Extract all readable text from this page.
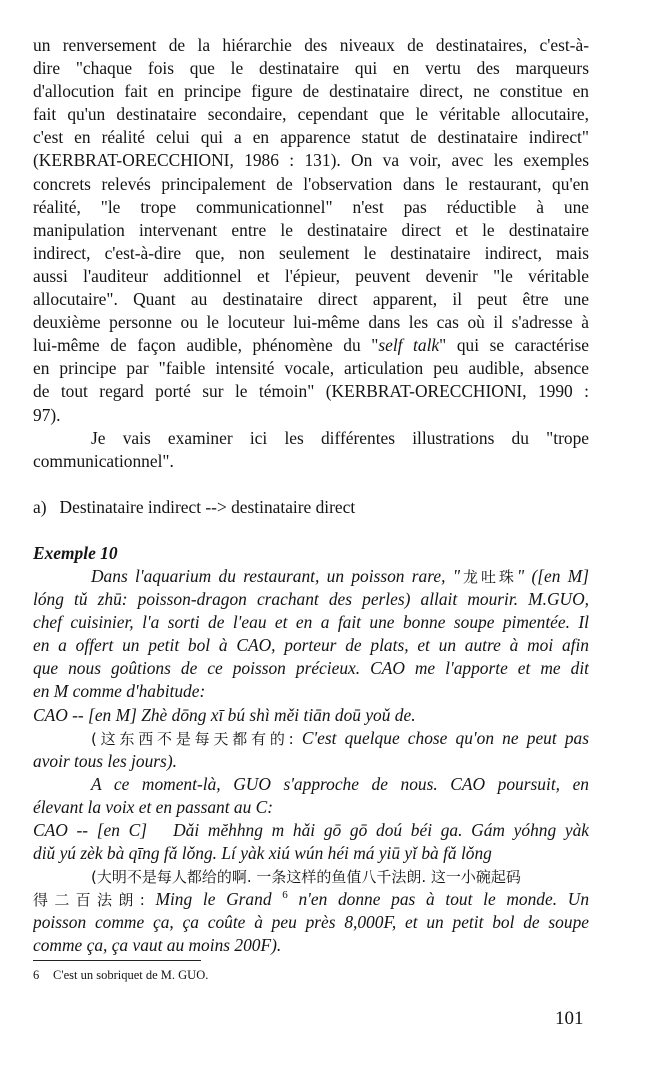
un renversement de la hiérarchie des niveaux de destinataires, c'est-à-
dire "chaque fois que le destinataire qui en vertu des marqueurs
d'allocution fait en principe figure de destinataire direct, ne constitue en
fait qu'un destinataire secondaire, cependant que le véritable allocutaire,
c'est en réalité celui qui a en apparence statut de destinataire indirect"
(KERBRAT-ORECCHIONI, 1986 : 131). On va voir, avec les exemples
concrets relevés principalement de l'observation dans le restaurant, qu'en
réalité, "le trope communicationnel" n'est pas réductible à une
manipulation intervenant entre le destinataire direct et le destinataire
indirect, c'est-à-dire que, non seulement le destinataire indirect, mais
aussi l'auditeur additionnel et l'épieur, peuvent devenir "le véritable
allocutaire". Quant au destinataire direct apparent, il peut être une
deuxième personne ou le locuteur lui-même dans les cas où il s'adresse à
lui-même de façon audible, phénomène du "self talk" qui se caractérise
en principe par "faible intensité vocale, articulation peu audible, absence
de tout regard porté sur le témoin" (KERBRAT-ORECCHIONI, 1990 :
97).
Je vais examiner ici les différentes illustrations du "trope
communicationnel".
a)   Destinataire indirect --> destinataire direct
Exemple 10
Dans l'aquarium du restaurant, un poisson rare, "龙吐珠" ([en M]
lóng tǔ zhū: poisson-dragon crachant des perles) allait mourir. M.GUO,
chef cuisinier, l'a sorti de l'eau et en a fait une bonne soupe pimentée. Il
en a offert un petit bol à CAO, porteur de plats, et un autre à moi afin
que nous goûtions de ce poisson précieux. CAO me l'apporte et me dit
en M comme d'habitude:
CAO -- [en M] Zhè dōng xī bú shì měi tiān doū yoǔ de.
(这东西不是每天都有的: C'est quelque chose qu'on ne peut pas
avoir tous les jours).
A ce moment-là, GUO s'approche de nous. CAO poursuit, en
élevant la voix et en passant au C:
CAO -- [en C]   Dǎi mĕhhng m hǎi gō gō doú béi ga. Gám yóhng yàk
diǔ yú zèk bà qīng fǎ lǒng. Lí yàk xiú wún héi má yiū yǐ bà fǎ lǒng
(大明不是每人都给的啊. 一条这样的鱼值八千法朗. 这一小碗起码
得二百法朗: Ming le Grand $^6$ n'en donne pas à tout le monde. Un
poisson comme ça, ça coûte à peu près 8,000F, et un petit bol de soupe
comme ça, ça vaut au moins 200F).
6 C'est un sobriquet de M. GUO.
101
